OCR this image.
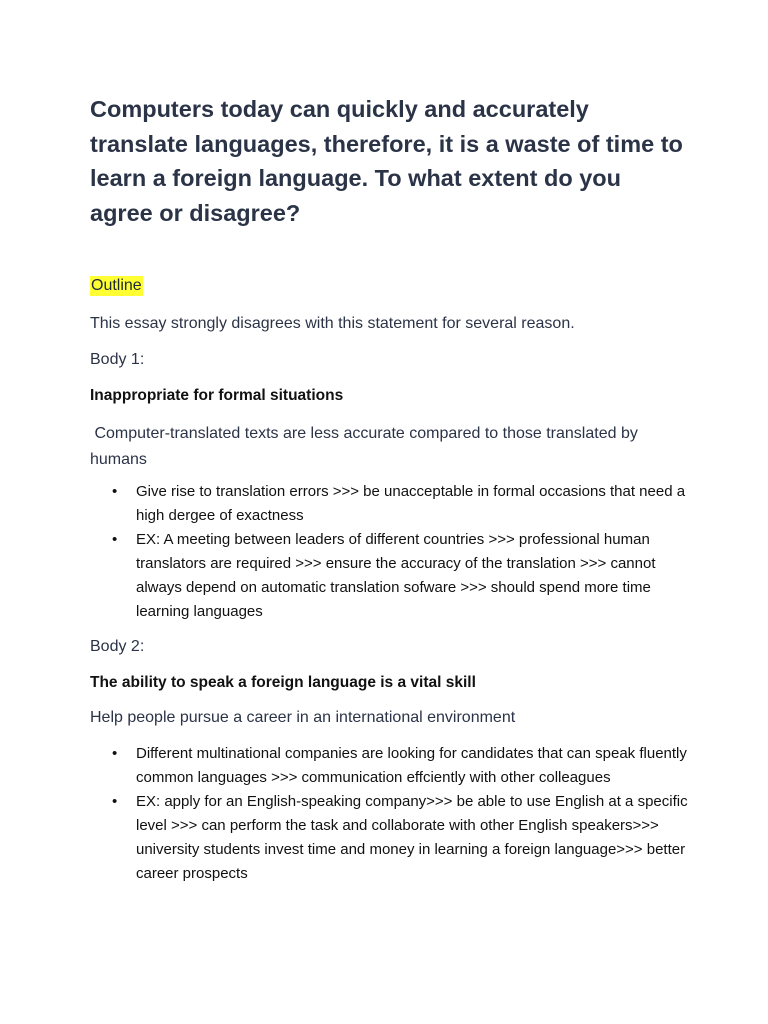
Computers today can quickly and accurately translate languages, therefore, it is a waste of time to learn a foreign language. To what extent do you agree or disagree?
Outline

This essay strongly disagrees with this statement for several reason.

Body 1:

Inappropriate for formal situations

Computer-translated texts are less accurate compared to those translated by humans

• Give rise to translation errors >>> be unacceptable in formal occasions that need a high dergee of exactness
• EX: A meeting between leaders of different countries >>> professional human translators are required >>> ensure the accuracy of the translation >>> cannot always depend on automatic translation sofware >>> should spend more time learning languages

Body 2:

The ability to speak a foreign language is a vital skill

Help people pursue a career in an international environment

• Different multinational companies are looking for candidates that can speak fluently common languages >>> communication effciently with other colleagues
• EX: apply for an English-speaking company>>> be able to use English at a specific level >>> can perform the task and collaborate with other English speakers>>> university students invest time and money in learning a foreign language>>> better career prospects
